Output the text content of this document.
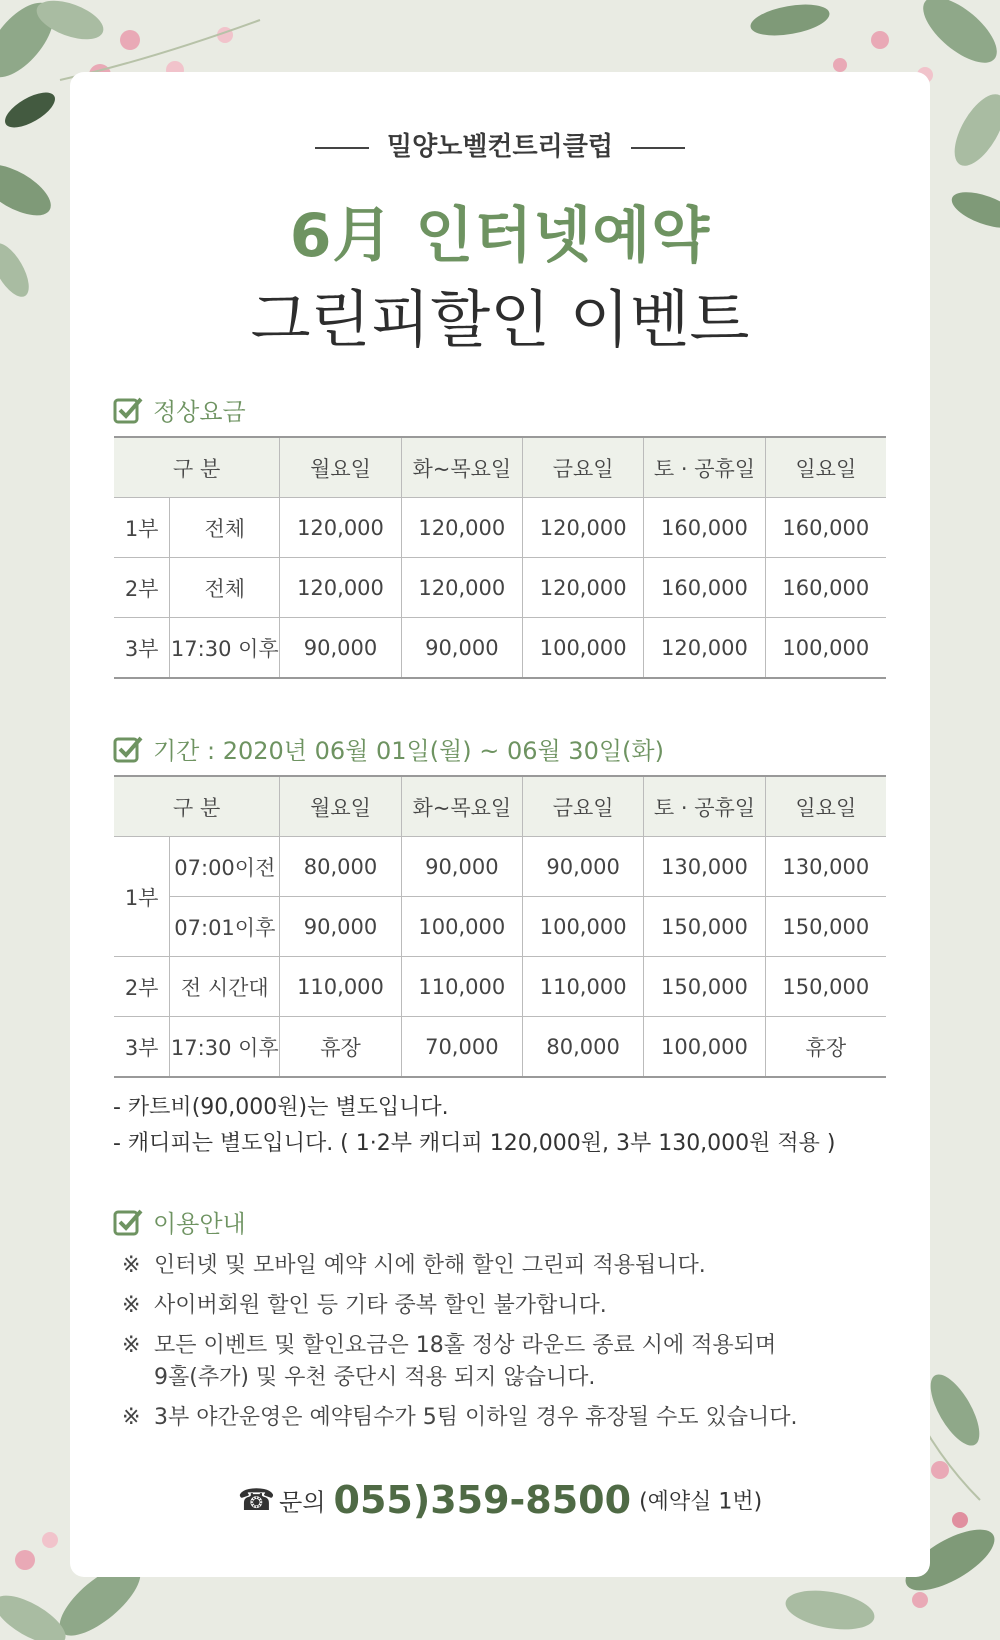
밀양노벨컨트리클럽
6月 인터넷예약
그린피할인 이벤트
정상요금
구 분		월요일	화~목요일	금요일	토 · 공휴일	일요일
1부	전체	120,000	120,000	120,000	160,000	160,000
2부	전체	120,000	120,000	120,000	160,000	160,000
3부	17:30 이후	90,000	90,000	100,000	120,000	100,000
기간 : 2020년 06월 01일(월) ~ 06월 30일(화)
구 분		월요일	화~목요일	금요일	토 · 공휴일	일요일
1부	07:00이전	80,000	90,000	90,000	130,000	130,000
	07:01이후	90,000	100,000	100,000	150,000	150,000
2부	전 시간대	110,000	110,000	110,000	150,000	150,000
3부	17:30 이후	휴장	70,000	80,000	100,000	휴장
- 카트비(90,000원)는 별도입니다.
- 캐디피는 별도입니다. ( 1·2부 캐디피 120,000원, 3부 130,000원 적용 )
이용안내
※ 인터넷 및 모바일 예약 시에 한해 할인 그린피 적용됩니다.
※ 사이버회원 할인 등 기타 중복 할인 불가합니다.
※ 모든 이벤트 및 할인요금은 18홀 정상 라운드 종료 시에 적용되며
9홀(추가) 및 우천 중단시 적용 되지 않습니다.
※ 3부 야간운영은 예약팀수가 5팀 이하일 경우 휴장될 수도 있습니다.
☎ 문의 055)359-8500 (예약실 1번)
